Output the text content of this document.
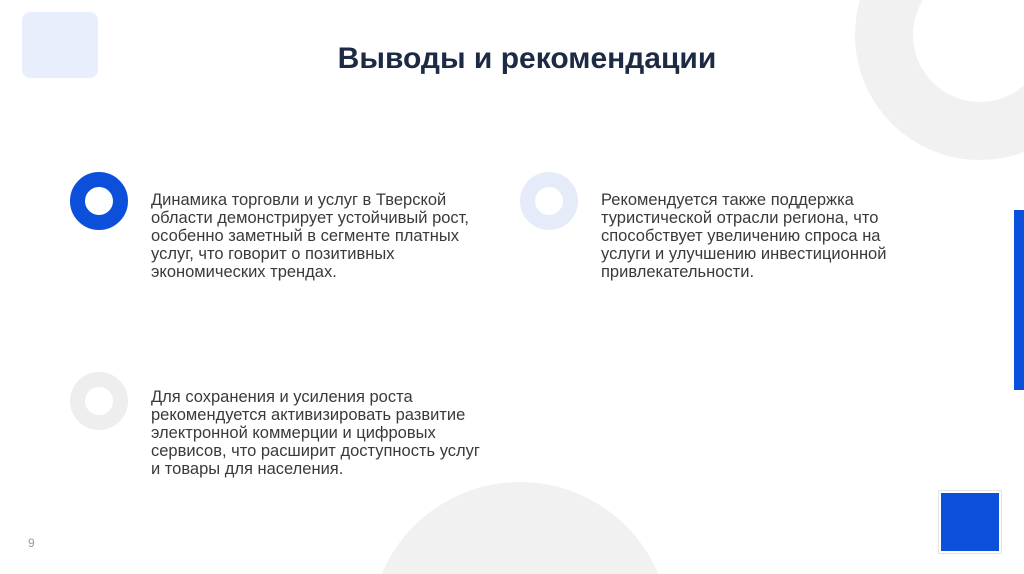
Выводы и рекомендации
Динамика торговли и услуг в Тверской области демонстрирует устойчивый рост, особенно заметный в сегменте платных услуг, что говорит о позитивных экономических трендах.
Рекомендуется также поддержка туристической отрасли региона, что способствует увеличению спроса на услуги и улучшению инвестиционной привлекательности.
Для сохранения и усиления роста рекомендуется активизировать развитие электронной коммерции и цифровых сервисов, что расширит доступность услуг и товары для населения.
9
